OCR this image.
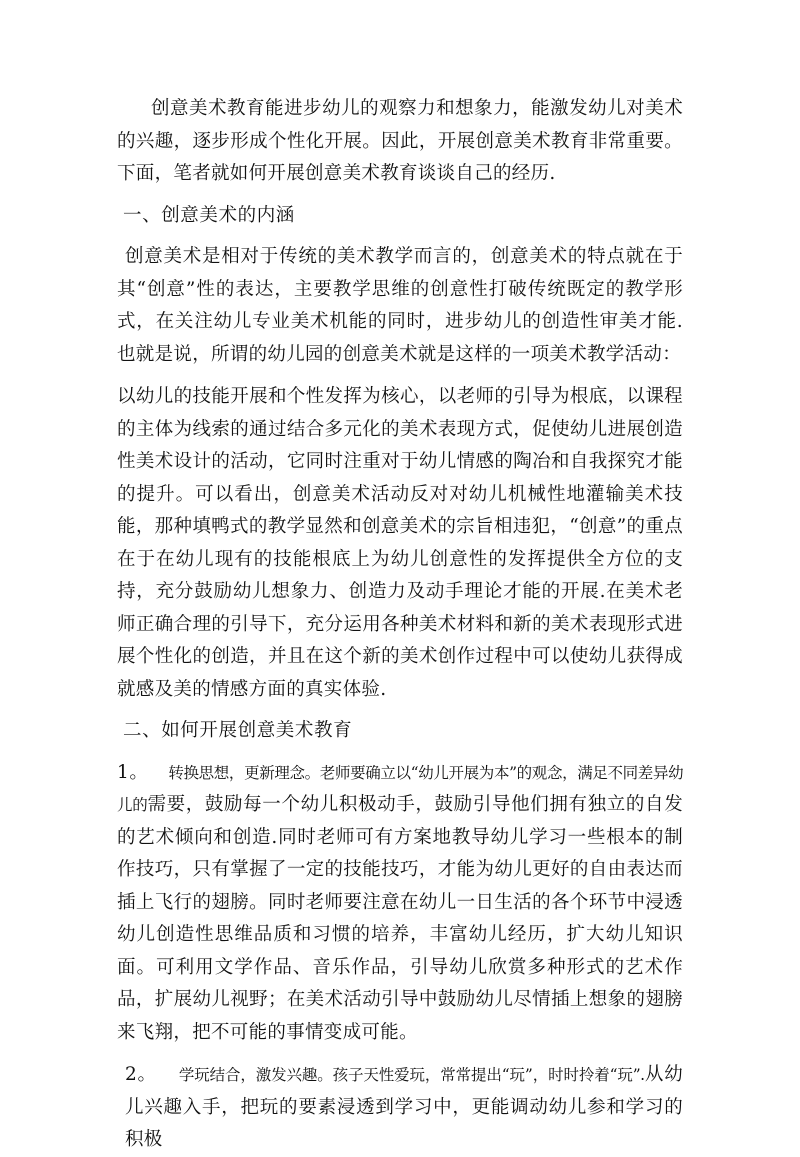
创意美术教育能进步幼儿的观察力和想象力，能激发幼儿对美术的兴趣，逐步形成个性化开展。因此，开展创意美术教育非常重要。下面，笔者就如何开展创意美术教育谈谈自己的经历.

一、创意美术的内涵

创意美术是相对于传统的美术教学而言的，创意美术的特点就在于其“创意”性的表达，主要教学思维的创意性打破传统既定的教学形式，在关注幼儿专业美术机能的同时，进步幼儿的创造性审美才能.也就是说，所谓的幼儿园的创意美术就是这样的一项美术教学活动：

以幼儿的技能开展和个性发挥为核心，以老师的引导为根底，以课程的主体为线索的通过结合多元化的美术表现方式，促使幼儿进展创造性美术设计的活动，它同时注重对于幼儿情感的陶冶和自我探究才能的提升。可以看出，创意美术活动反对对幼儿机械性地灌输美术技能，那种填鸭式的教学显然和创意美术的宗旨相违犯，“创意”的重点在于在幼儿现有的技能根底上为幼儿创意性的发挥提供全方位的支持，充分鼓励幼儿想象力、创造力及动手理论才能的开展.在美术老师正确合理的引导下，充分运用各种美术材料和新的美术表现形式进展个性化的创造，并且在这个新的美术创作过程中可以使幼儿获得成就感及美的情感方面的真实体验.

二、如何开展创意美术教育

1。 转换思想，更新理念。老师要确立以“幼儿开展为本”的观念，满足不同差异幼儿的需要，鼓励每一个幼儿积极动手，鼓励引导他们拥有独立的自发的艺术倾向和创造.同时老师可有方案地教导幼儿学习一些根本的制作技巧，只有掌握了一定的技能技巧，才能为幼儿更好的自由表达而插上飞行的翅膀。同时老师要注意在幼儿一日生活的各个环节中浸透幼儿创造性思维品质和习惯的培养，丰富幼儿经历，扩大幼儿知识面。可利用文学作品、音乐作品，引导幼儿欣赏多种形式的艺术作品，扩展幼儿视野；在美术活动引导中鼓励幼儿尽情插上想象的翅膀来飞翔，把不可能的事情变成可能。

2。 学玩结合，激发兴趣。孩子天性爱玩，常常提出“玩”，时时拎着“玩”.从幼儿兴趣入手，把玩的要素浸透到学习中，更能调动幼儿参和学习的积极
